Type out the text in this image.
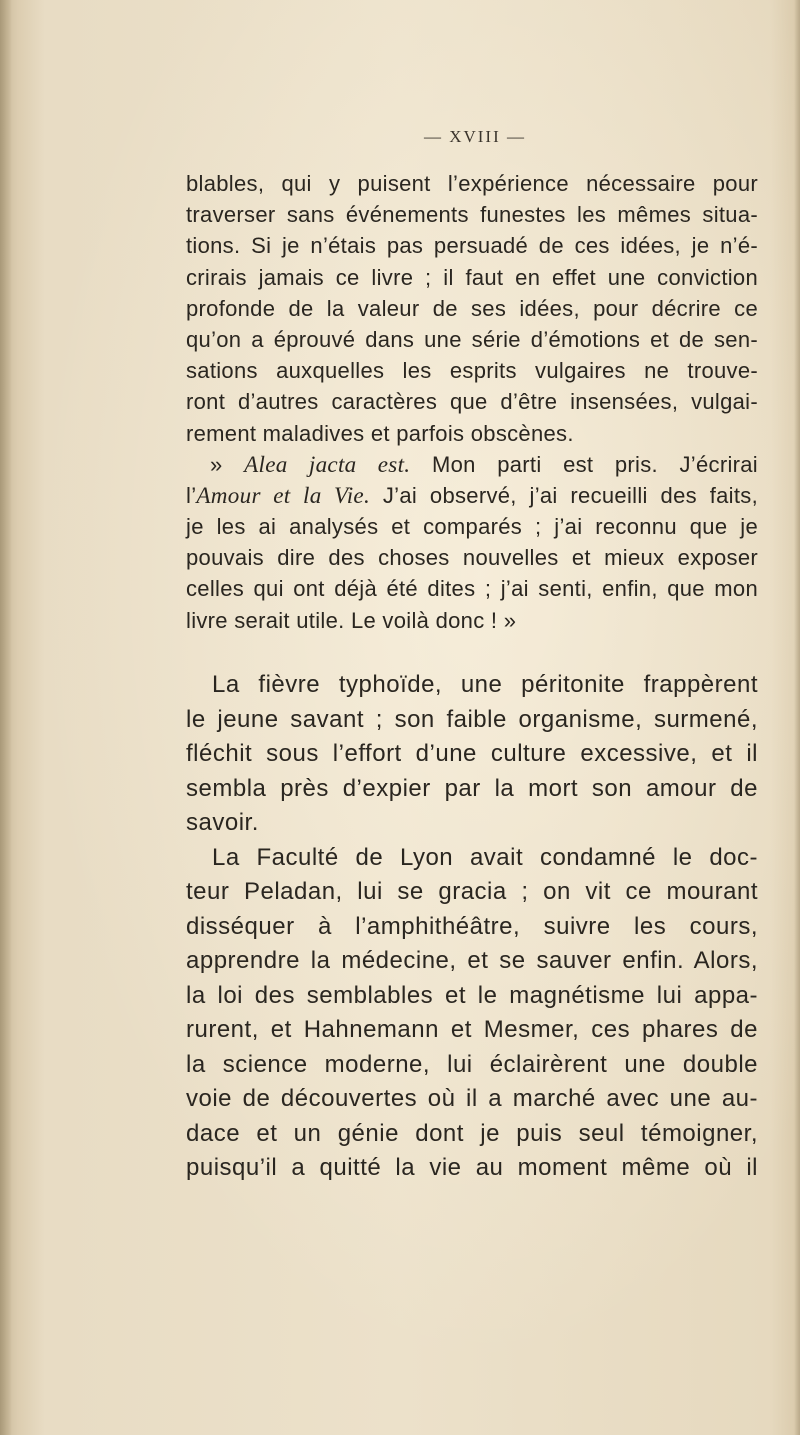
— XVIII —
blables, qui y puisent l’expérience nécessaire pour
traverser sans événements funestes les mêmes situa-
tions. Si je n’étais pas persuadé de ces idées, je n’é-
crirais jamais ce livre ; il faut en effet une conviction
profonde de la valeur de ses idées, pour décrire ce
qu’on a éprouvé dans une série d’émotions et de sen-
sations auxquelles les esprits vulgaires ne trouve-
ront d’autres caractères que d’être insensées, vulgai-
rement maladives et parfois obscènes.
» Alea jacta est. Mon parti est pris. J’écrirai
l’Amour et la Vie. J’ai observé, j’ai recueilli des faits,
je les ai analysés et comparés ; j’ai reconnu que je
pouvais dire des choses nouvelles et mieux exposer
celles qui ont déjà été dites ; j’ai senti, enfin, que mon
livre serait utile. Le voilà donc ! »
La fièvre typhoïde, une péritonite frappèrent
le jeune savant ; son faible organisme, surmené,
fléchit sous l’effort d’une culture excessive, et il
sembla près d’expier par la mort son amour de
savoir.
La Faculté de Lyon avait condamné le doc-
teur Peladan, lui se gracia ; on vit ce mourant
disséquer à l’amphithéâtre, suivre les cours,
apprendre la médecine, et se sauver enfin. Alors,
la loi des semblables et le magnétisme lui appa-
rurent, et Hahnemann et Mesmer, ces phares de
la science moderne, lui éclairèrent une double
voie de découvertes où il a marché avec une au-
dace et un génie dont je puis seul témoigner,
puisqu’il a quitté la vie au moment même où il
